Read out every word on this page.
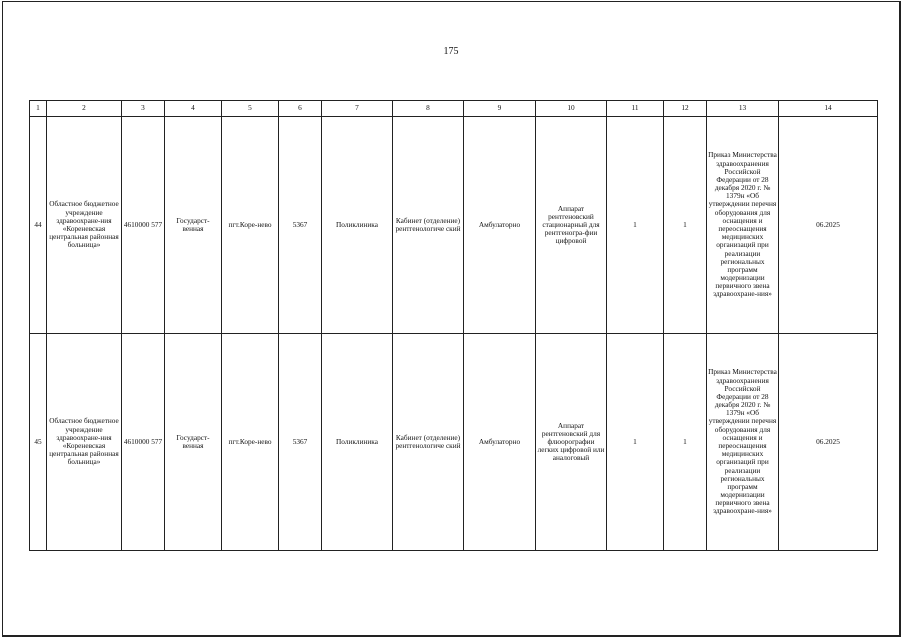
175
1	2	3	4	5	6	7	8	9	10	11	12	13	14
44	Областное бюджетное учреждение здравоохране-ния «Кореневская центральная районная больница»	4610000 577	Государст-венная	пгт.Коре-нево	5367	Поликлиника	Кабинет (отделение) рентгенологиче ский	Амбулаторно	Аппарат рентгеновский стационарный для рентгеногра-фии цифровой	1	1	Приказ Министерства здравоохранения Российской Федерации от 28 декабря 2020 г. № 1379н «Об утверждении перечня оборудования для оснащения и переоснащения медицинских организаций при реализации региональных программ модернизации первичного звена здравоохране-ния»	06.2025
45	Областное бюджетное учреждение здравоохране-ния «Кореневская центральная районная больница»	4610000 577	Государст-венная	пгт.Коре-нево	5367	Поликлиника	Кабинет (отделение) рентгенологиче ский	Амбулаторно	Аппарат рентгеновский для флюорографии легких цифровой или аналоговый	1	1	Приказ Министерства здравоохранения Российской Федерации от 28 декабря 2020 г. № 1379н «Об утверждении перечня оборудования для оснащения и переоснащения медицинских организаций при реализации региональных программ модернизации первичного звена здравоохране-ния»	06.2025
